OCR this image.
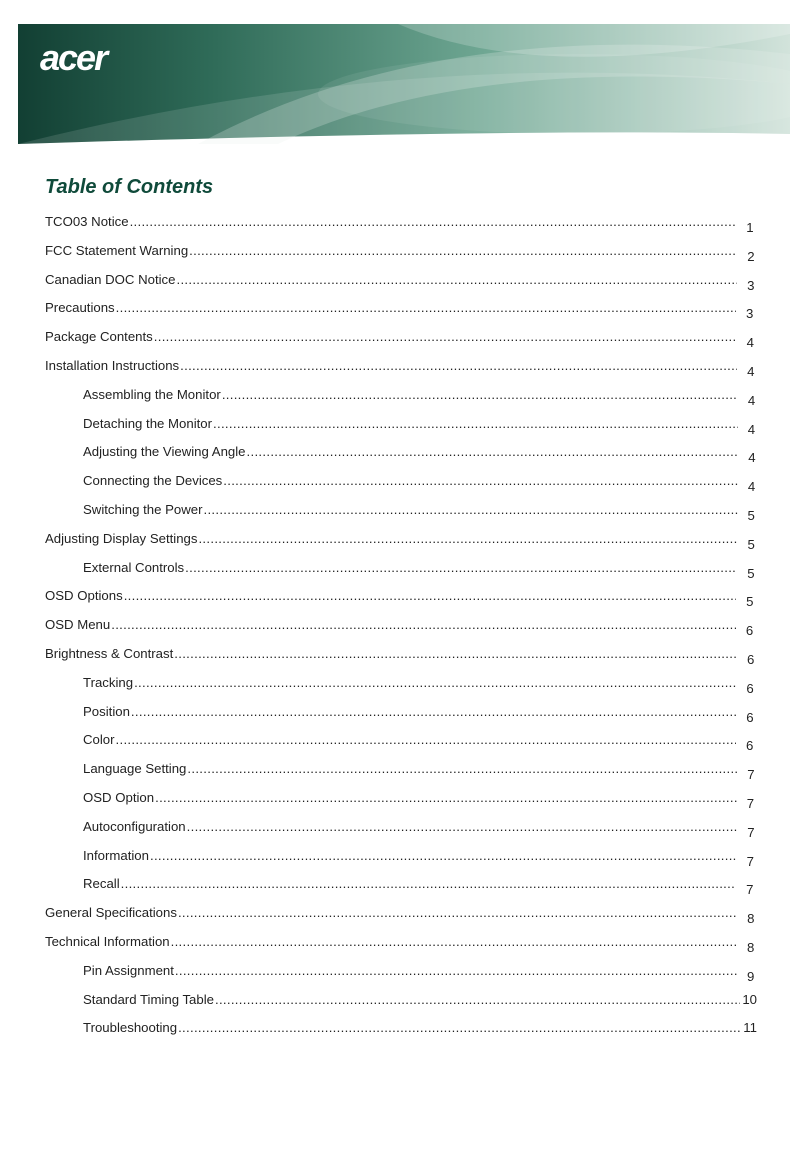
acer
Table of Contents
TCO03 Notice .....	1
FCC Statement Warning .....	2
Canadian DOC Notice .....	3
Precautions .....	3
Package Contents .....	4
Installation Instructions .....	4
Assembling the Monitor .....	4
Detaching the Monitor .....	4
Adjusting the Viewing Angle .....	4
Connecting the Devices .....	4
Switching the Power .....	5
Adjusting Display Settings .....	5
External Controls .....	5
OSD Options .....	5
OSD Menu .....	6
Brightness & Contrast .....	6
Tracking .....	6
Position .....	6
Color .....	6
Language Setting .....	7
OSD Option .....	7
Autoconfiguration .....	7
Information .....	7
Recall .....	7
General Specifications .....	8
Technical Information .....	8
Pin Assignment .....	9
Standard Timing Table .....	10
Troubleshooting .....	11
